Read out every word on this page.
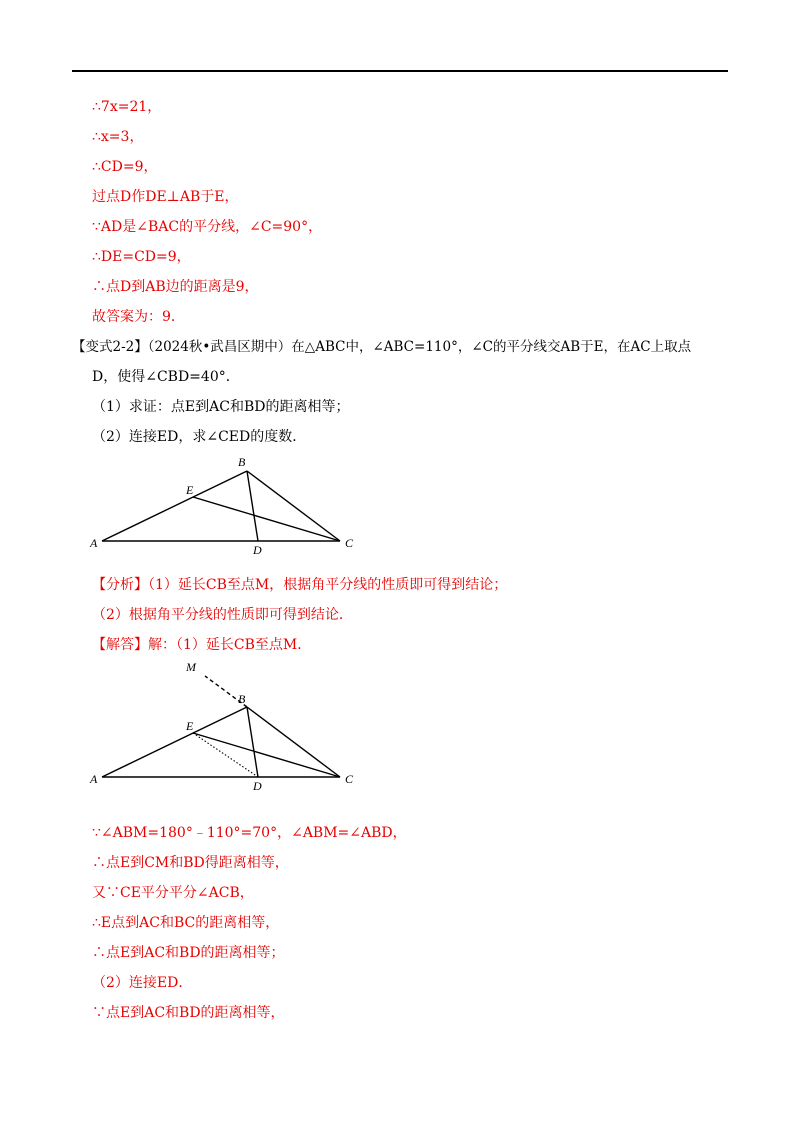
∴7x=21，
∴x=3，
∴CD=9，
过点D作DE⊥AB于E，
∵AD是∠BAC的平分线，∠C=90°，
∴DE=CD=9，
∴点D到AB边的距离是9，
故答案为：9．
【变式2-2】（2024秋•武昌区期中）在△ABC中，∠ABC=110°，∠C的平分线交AB于E，在AC上取点
D，使得∠CBD=40°．
（1）求证：点E到AC和BD的距离相等；
（2）连接ED，求∠CED的度数．
A
B
C
D
E
【分析】（1）延长CB至点M，根据角平分线的性质即可得到结论；
（2）根据角平分线的性质即可得到结论．
【解答】解：（1）延长CB至点M．
M
A
B
C
D
E
∵∠ABM=180°﹣110°=70°，∠ABM=∠ABD，
∴点E到CM和BD得距离相等，
又∵CE平分平分∠ACB，
∴E点到AC和BC的距离相等，
∴点E到AC和BD的距离相等；
（2）连接ED．
∵点E到AC和BD的距离相等，
